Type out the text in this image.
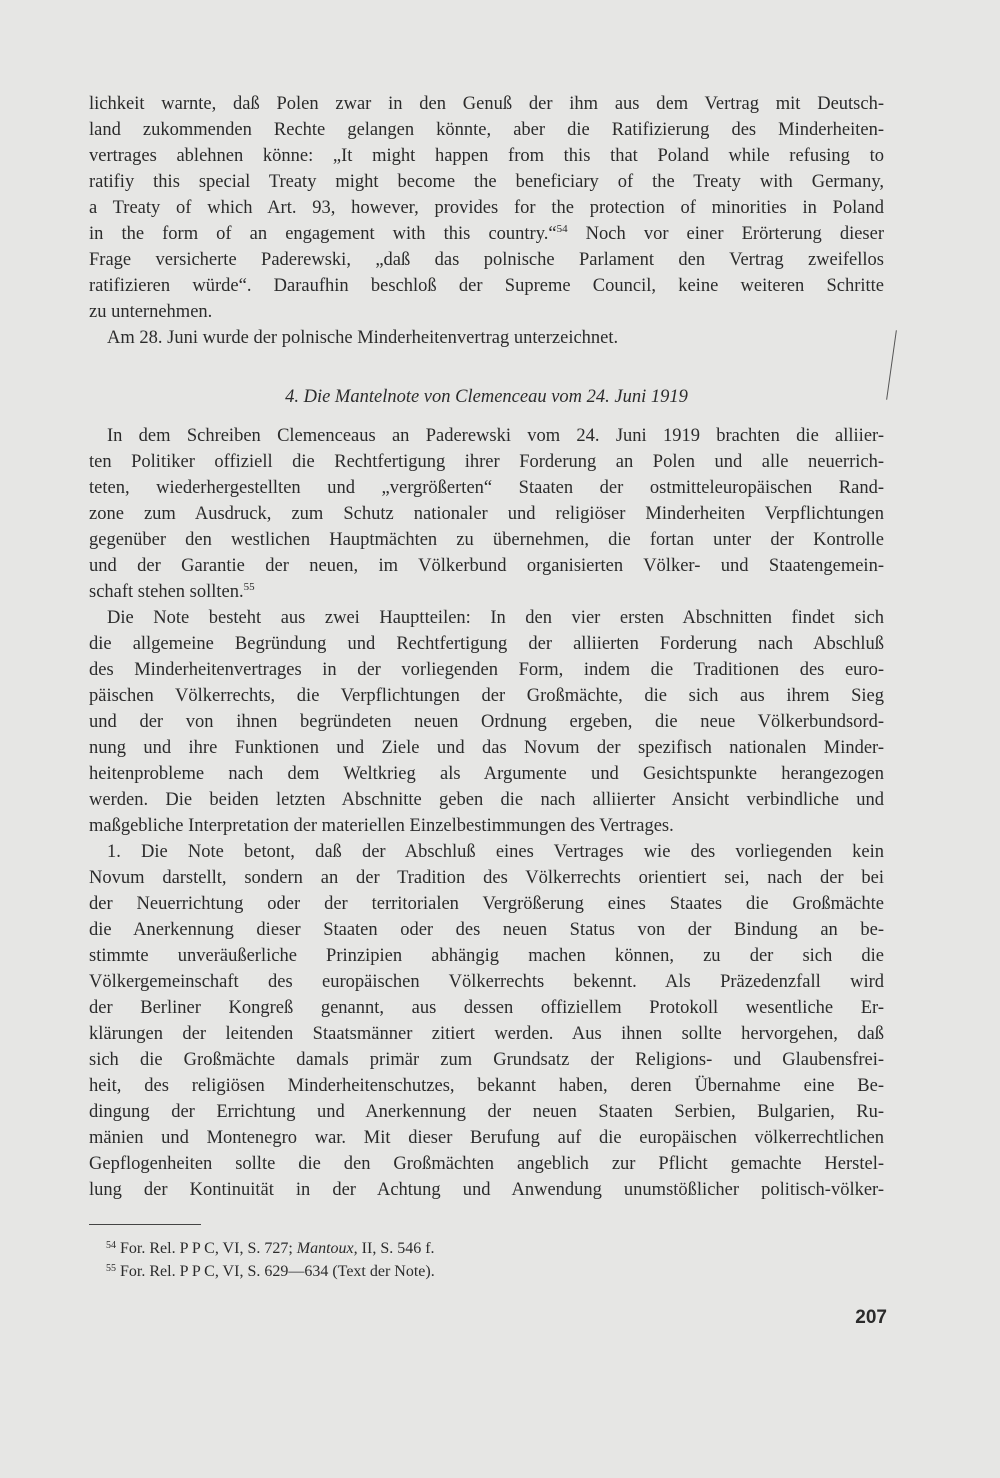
lichkeit warnte, daß Polen zwar in den Genuß der ihm aus dem Vertrag mit Deutsch-
land zukommenden Rechte gelangen könnte, aber die Ratifizierung des Minderheiten-
vertrages ablehnen könne: „It might happen from this that Poland while refusing to
ratifiy this special Treaty might become the beneficiary of the Treaty with Germany,
a Treaty of which Art. 93, however, provides for the protection of minorities in Poland
in the form of an engagement with this country.“$^{54}$ Noch vor einer Erörterung dieser
Frage versicherte Paderewski, „daß das polnische Parlament den Vertrag zweifellos
ratifizieren würde“. Daraufhin beschloß der Supreme Council, keine weiteren Schritte
zu unternehmen.
Am 28. Juni wurde der polnische Minderheitenvertrag unterzeichnet.
4. Die Mantelnote von Clemenceau vom 24. Juni 1919
In dem Schreiben Clemenceaus an Paderewski vom 24. Juni 1919 brachten die alliier-
ten Politiker offiziell die Rechtfertigung ihrer Forderung an Polen und alle neuerrich-
teten, wiederhergestellten und „vergrößerten“ Staaten der ostmitteleuropäischen Rand-
zone zum Ausdruck, zum Schutz nationaler und religiöser Minderheiten Verpflichtungen
gegenüber den westlichen Hauptmächten zu übernehmen, die fortan unter der Kontrolle
und der Garantie der neuen, im Völkerbund organisierten Völker- und Staatengemein-
schaft stehen sollten.$^{55}$
Die Note besteht aus zwei Hauptteilen: In den vier ersten Abschnitten findet sich
die allgemeine Begründung und Rechtfertigung der alliierten Forderung nach Abschluß
des Minderheitenvertrages in der vorliegenden Form, indem die Traditionen des euro-
päischen Völkerrechts, die Verpflichtungen der Großmächte, die sich aus ihrem Sieg
und der von ihnen begründeten neuen Ordnung ergeben, die neue Völkerbundsord-
nung und ihre Funktionen und Ziele und das Novum der spezifisch nationalen Minder-
heitenprobleme nach dem Weltkrieg als Argumente und Gesichtspunkte herangezogen
werden. Die beiden letzten Abschnitte geben die nach alliierter Ansicht verbindliche und
maßgebliche Interpretation der materiellen Einzelbestimmungen des Vertrages.
1. Die Note betont, daß der Abschluß eines Vertrages wie des vorliegenden kein
Novum darstellt, sondern an der Tradition des Völkerrechts orientiert sei, nach der bei
der Neuerrichtung oder der territorialen Vergrößerung eines Staates die Großmächte
die Anerkennung dieser Staaten oder des neuen Status von der Bindung an be-
stimmte unveräußerliche Prinzipien abhängig machen können, zu der sich die
Völkergemeinschaft des europäischen Völkerrechts bekennt. Als Präzedenzfall wird
der Berliner Kongreß genannt, aus dessen offiziellem Protokoll wesentliche Er-
klärungen der leitenden Staatsmänner zitiert werden. Aus ihnen sollte hervorgehen, daß
sich die Großmächte damals primär zum Grundsatz der Religions- und Glaubensfrei-
heit, des religiösen Minderheitenschutzes, bekannt haben, deren Übernahme eine Be-
dingung der Errichtung und Anerkennung der neuen Staaten Serbien, Bulgarien, Ru-
mänien und Montenegro war. Mit dieser Berufung auf die europäischen völkerrechtlichen
Gepflogenheiten sollte die den Großmächten angeblich zur Pflicht gemachte Herstel-
lung der Kontinuität in der Achtung und Anwendung unumstößlicher politisch-völker-
$^{54}$ For. Rel. P P C, VI, S. 727; Mantoux, II, S. 546 f.
$^{55}$ For. Rel. P P C, VI, S. 629—634 (Text der Note).
207
